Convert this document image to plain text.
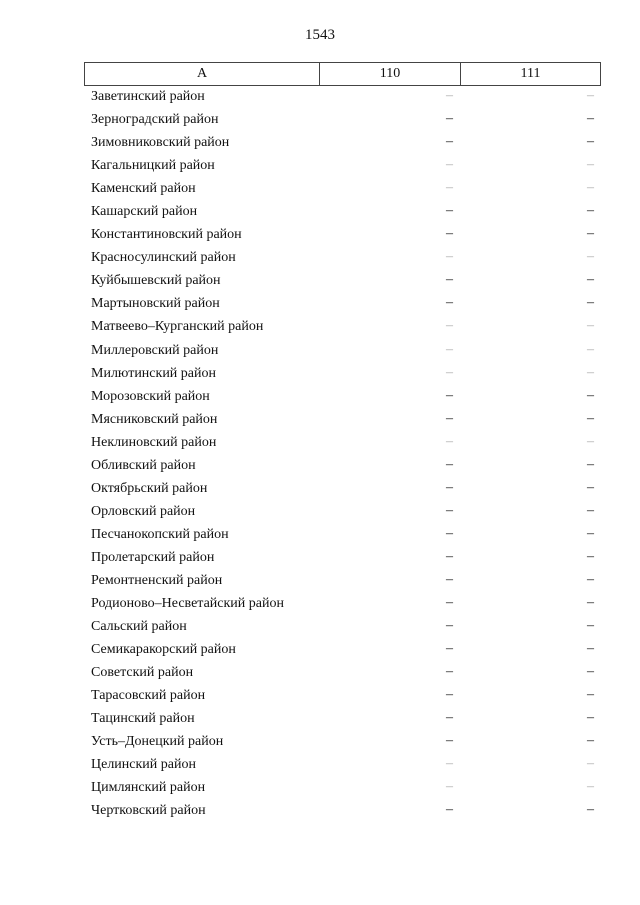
1543
А	110	111
Заветинский район	–	–
Зерноградский район	–	–
Зимовниковский район	–	–
Кагальницкий район	–	–
Каменский район	–	–
Кашарский район	–	–
Константиновский район	–	–
Красносулинский район	–	–
Куйбышевский район	–	–
Мартыновский район	–	–
Матвеево–Курганский район	–	–
Миллеровский район	–	–
Милютинский район	–	–
Морозовский район	–	–
Мясниковский район	–	–
Неклиновский район	–	–
Обливский район	–	–
Октябрьский район	–	–
Орловский район	–	–
Песчанокопский район	–	–
Пролетарский район	–	–
Ремонтненский район	–	–
Родионово–Несветайский район	–	–
Сальский район	–	–
Семикаракорский район	–	–
Советский район	–	–
Тарасовский район	–	–
Тацинский район	–	–
Усть–Донецкий район	–	–
Целинский район	–	–
Цимлянский район	–	–
Чертковский район	–	–
